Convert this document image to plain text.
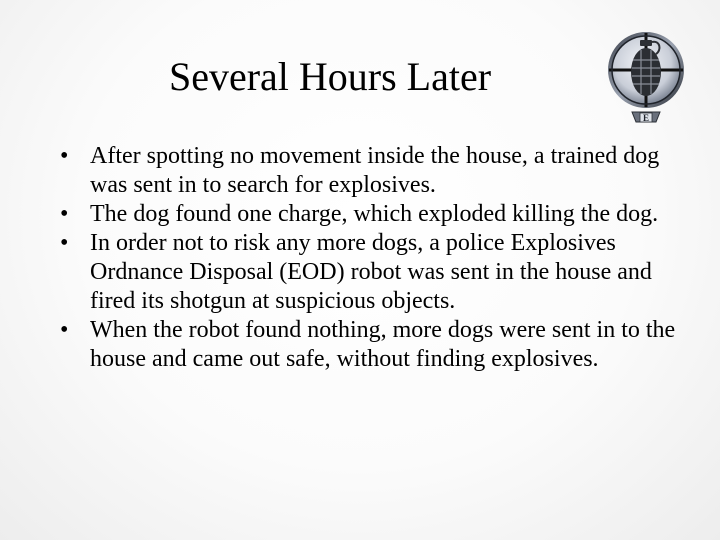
Several Hours Later
E
• After spotting no movement inside the house, a trained dog was sent in to search for explosives.
• The dog found one charge, which exploded killing the dog.
• In order not to risk any more dogs, a police Explosives Ordnance Disposal (EOD) robot was sent in the house and fired its shotgun at suspicious objects.
• When the robot found nothing, more dogs were sent in to the house and came out safe, without finding explosives.
